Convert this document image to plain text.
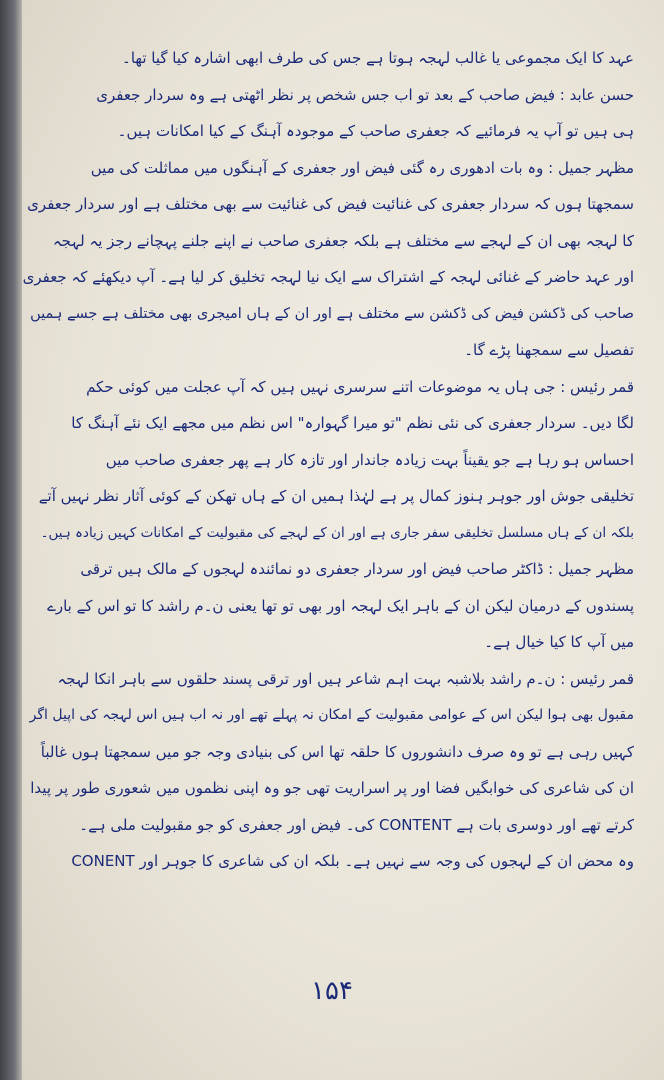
عہد کا ایک مجموعی یا غالب لہجہ ہوتا ہے جس کی طرف ابھی اشارہ کیا گیا تھا۔
حسن عابد : فیض صاحب کے بعد تو اب جس شخص پر نظر اٹھتی ہے وہ سردار جعفری
ہی ہیں تو آپ یہ فرمائیے کہ جعفری صاحب کے موجودہ آہنگ کے کیا امکانات ہیں۔
مظہر جمیل : وہ بات ادھوری رہ گئی فیض اور جعفری کے آہنگوں میں مماثلت کی میں
سمجھتا ہوں کہ سردار جعفری کی غنائیت فیض کی غنائیت سے بھی مختلف ہے اور سردار جعفری
کا لہجہ بھی ان کے لہجے سے مختلف ہے بلکہ جعفری صاحب نے اپنے جلنے پہچانے رجز یہ لہجہ
اور عہد حاضر کے غنائی لہجہ کے اشتراک سے ایک نیا لہجہ تخلیق کر لیا ہے۔ آپ دیکھئے کہ جعفری
صاحب کی ڈکشن فیض کی ڈکشن سے مختلف ہے اور ان کے ہاں امیجری بھی مختلف ہے جسے ہمیں
تفصیل سے سمجھنا پڑے گا۔
قمر رئیس : جی ہاں یہ موضوعات اتنے سرسری نہیں ہیں کہ آپ عجلت میں کوئی حکم
لگا دیں۔ سردار جعفری کی نئی نظم "تو میرا گہوارہ" اس نظم میں مجھے ایک نئے آہنگ کا
احساس ہو رہا ہے جو یقیناً بہت زیادہ جاندار اور تازہ کار ہے پھر جعفری صاحب میں
تخلیقی جوش اور جوہر ہنوز کمال پر ہے لہٰذا ہمیں ان کے ہاں تھکن کے کوئی آثار نظر نہیں آتے
بلکہ ان کے ہاں مسلسل تخلیقی سفر جاری ہے اور ان کے لہجے کی مقبولیت کے امکانات کہیں زیادہ ہیں۔
مظہر جمیل : ڈاکٹر صاحب فیض اور سردار جعفری دو نمائندہ لہجوں کے مالک ہیں ترقی
پسندوں کے درمیان لیکن ان کے باہر ایک لہجہ اور بھی تو تھا یعنی ن۔م راشد کا تو اس کے بارے
میں آپ کا کیا خیال ہے۔
قمر رئیس : ن۔م راشد بلاشبہ بہت اہم شاعر ہیں اور ترقی پسند حلقوں سے باہر انکا لہجہ
مقبول بھی ہوا لیکن اس کے عوامی مقبولیت کے امکان نہ پہلے تھے اور نہ اب ہیں اس لہجہ کی اپیل اگر
کہیں رہی ہے تو وہ صرف دانشوروں کا حلقہ تھا اس کی بنیادی وجہ جو میں سمجھتا ہوں غالباً
ان کی شاعری کی خوابگیں فضا اور پر اسراریت تھی جو وہ اپنی نظموں میں شعوری طور پر پیدا
کرتے تھے اور دوسری بات ہے CONTENT کی۔ فیض اور جعفری کو جو مقبولیت ملی ہے۔
وہ محض ان کے لہجوں کی وجہ سے نہیں ہے۔ بلکہ ان کی شاعری کا جوہر اور CONENT
۱۵۴
